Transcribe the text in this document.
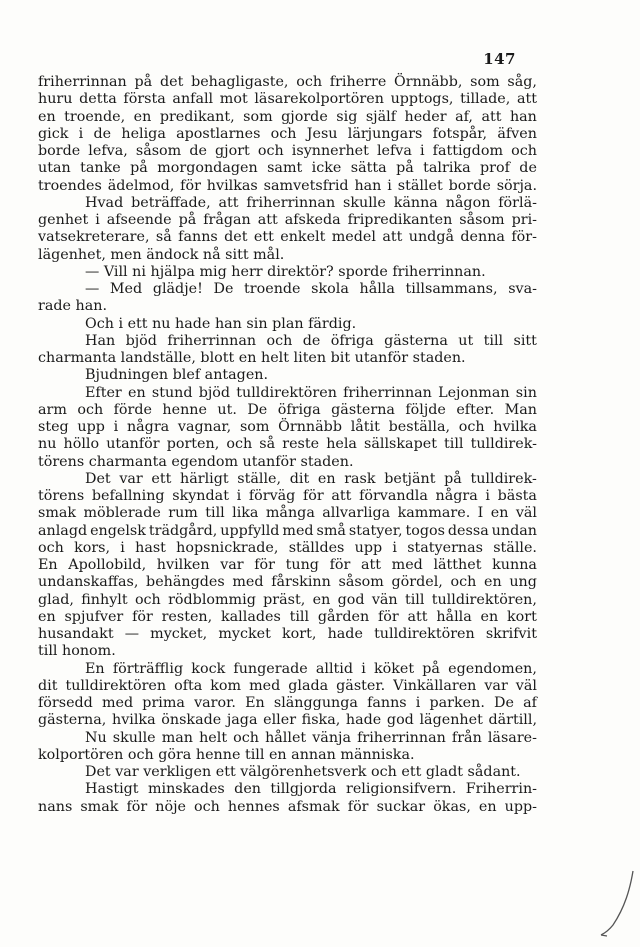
147
friherrinnan på det behagligaste, och friherre Örnnäbb, som såg,
huru detta första anfall mot läsarekolportören upptogs, tillade, att
en troende, en predikant, som gjorde sig själf heder af, att han
gick i de heliga apostlarnes och Jesu lärjungars fotspår, äfven
borde lefva, såsom de gjort och isynnerhet lefva i fattigdom och
utan tanke på morgondagen samt icke sätta på talrika prof de
troendes ädelmod, för hvilkas samvetsfrid han i stället borde sörja.
Hvad beträffade, att friherrinnan skulle känna någon förlä-
genhet i afseende på frågan att afskeda fripredikanten såsom pri-
vatsekreterare, så fanns det ett enkelt medel att undgå denna för-
lägenhet, men ändock nå sitt mål.
— Vill ni hjälpa mig herr direktör? sporde friherrinnan.
— Med glädje! De troende skola hålla tillsammans, sva-
rade han.
Och i ett nu hade han sin plan färdig.
Han bjöd friherrinnan och de öfriga gästerna ut till sitt
charmanta landställe, blott en helt liten bit utanför staden.
Bjudningen blef antagen.
Efter en stund bjöd tulldirektören friherrinnan Lejonman sin
arm och förde henne ut. De öfriga gästerna följde efter. Man
steg upp i några vagnar, som Örnnäbb låtit beställa, och hvilka
nu höllo utanför porten, och så reste hela sällskapet till tulldirek-
törens charmanta egendom utanför staden.
Det var ett härligt ställe, dit en rask betjänt på tulldirek-
törens befallning skyndat i förväg för att förvandla några i bästa
smak möblerade rum till lika många allvarliga kammare. I en väl
anlagd engelsk trädgård, uppfylld med små statyer, togos dessa undan
och kors, i hast hopsnickrade, ställdes upp i statyernas ställe.
En Apollobild, hvilken var för tung för att med lätthet kunna
undanskaffas, behängdes med fårskinn såsom gördel, och en ung
glad, finhylt och rödblommig präst, en god vän till tulldirektören,
en spjufver för resten, kallades till gården för att hålla en kort
husandakt — mycket, mycket kort, hade tulldirektören skrifvit
till honom.
En förträfflig kock fungerade alltid i köket på egendomen,
dit tulldirektören ofta kom med glada gäster. Vinkällaren var väl
försedd med prima varor. En slänggunga fanns i parken. De af
gästerna, hvilka önskade jaga eller fiska, hade god lägenhet därtill,
Nu skulle man helt och hållet vänja friherrinnan från läsare-
kolportören och göra henne till en annan människa.
Det var verkligen ett välgörenhetsverk och ett gladt sådant.
Hastigt minskades den tillgjorda religionsifvern. Friherrin-
nans smak för nöje och hennes afsmak för suckar ökas, en upp-
